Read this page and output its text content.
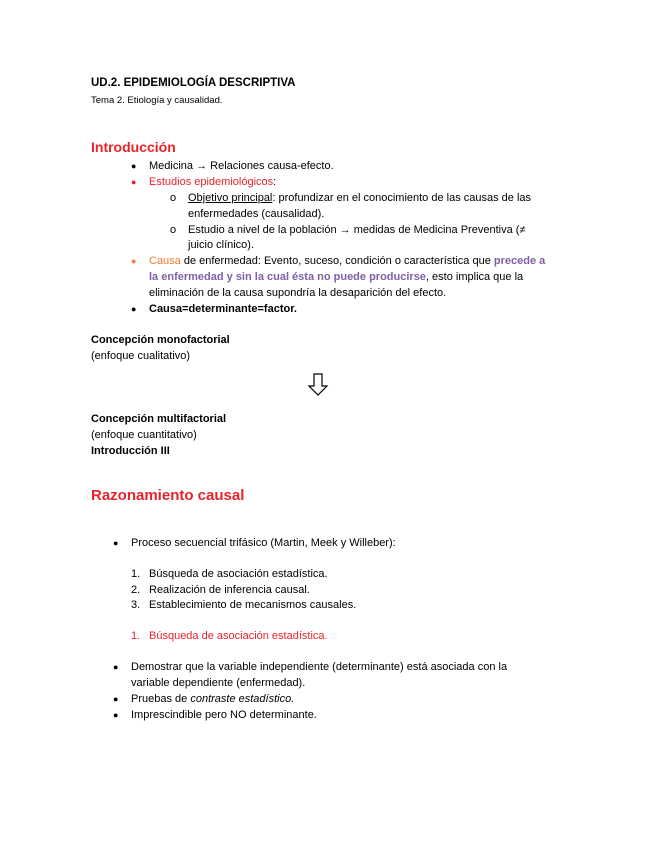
UD.2. EPIDEMIOLOGÍA DESCRIPTIVA
Tema 2. Etiología y causalidad.
Introducción
● Medicina → Relaciones causa-efecto.
● Estudios epidemiológicos:
o Objetivo principal: profundizar en el conocimiento de las causas de las
enfermedades (causalidad).
o Estudio a nivel de la población → medidas de Medicina Preventiva (≠
juicio clínico).
● Causa de enfermedad: Evento, suceso, condición o característica que precede a
la enfermedad y sin la cual ésta no puede producirse, esto implica que la
eliminación de la causa supondría la desaparición del efecto.
● Causa=determinante=factor.
Concepción monofactorial
(enfoque cualitativo)
Concepción multifactorial
(enfoque cuantitativo)
Introducción III
Razonamiento causal
● Proceso secuencial trifásico (Martin, Meek y Willeber):
1. Búsqueda de asociación estadística.
2. Realización de inferencia causal.
3. Establecimiento de mecanismos causales.
1. Búsqueda de asociación estadística.
● Demostrar que la variable independiente (determinante) está asociada con la
variable dependiente (enfermedad).
● Pruebas de contraste estadístico.
● Imprescindible pero NO determinante.
